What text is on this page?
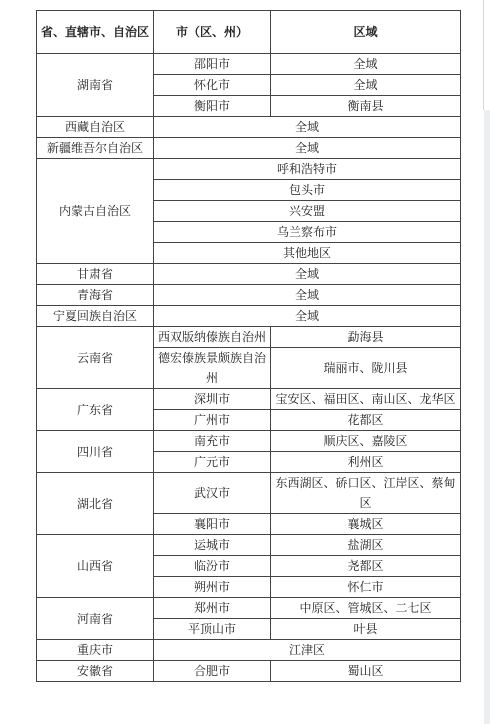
省、直辖市、自治区	市（区、州）	区域
湖南省	邵阳市	全域
	怀化市	全域
	衡阳市	衡南县
西藏自治区	全域	
新疆维吾尔自治区	全域	
内蒙古自治区	呼和浩特市	
	包头市	
	兴安盟	
	乌兰察布市	
	其他地区	
甘肃省	全域	
青海省	全域	
宁夏回族自治区	全域	
云南省	西双版纳傣族自治州	勐海县
	德宏傣族景颇族自治州	瑞丽市、陇川县
广东省	深圳市	宝安区、福田区、南山区、龙华区
	广州市	花都区
四川省	南充市	顺庆区、嘉陵区
	广元市	利州区
湖北省	武汉市	东西湖区、硚口区、江岸区、蔡甸区
	襄阳市	襄城区
山西省	运城市	盐湖区
	临汾市	尧都区
	朔州市	怀仁市
河南省	郑州市	中原区、管城区、二七区
	平顶山市	叶县
重庆市	江津区	
安徽省	合肥市	蜀山区
